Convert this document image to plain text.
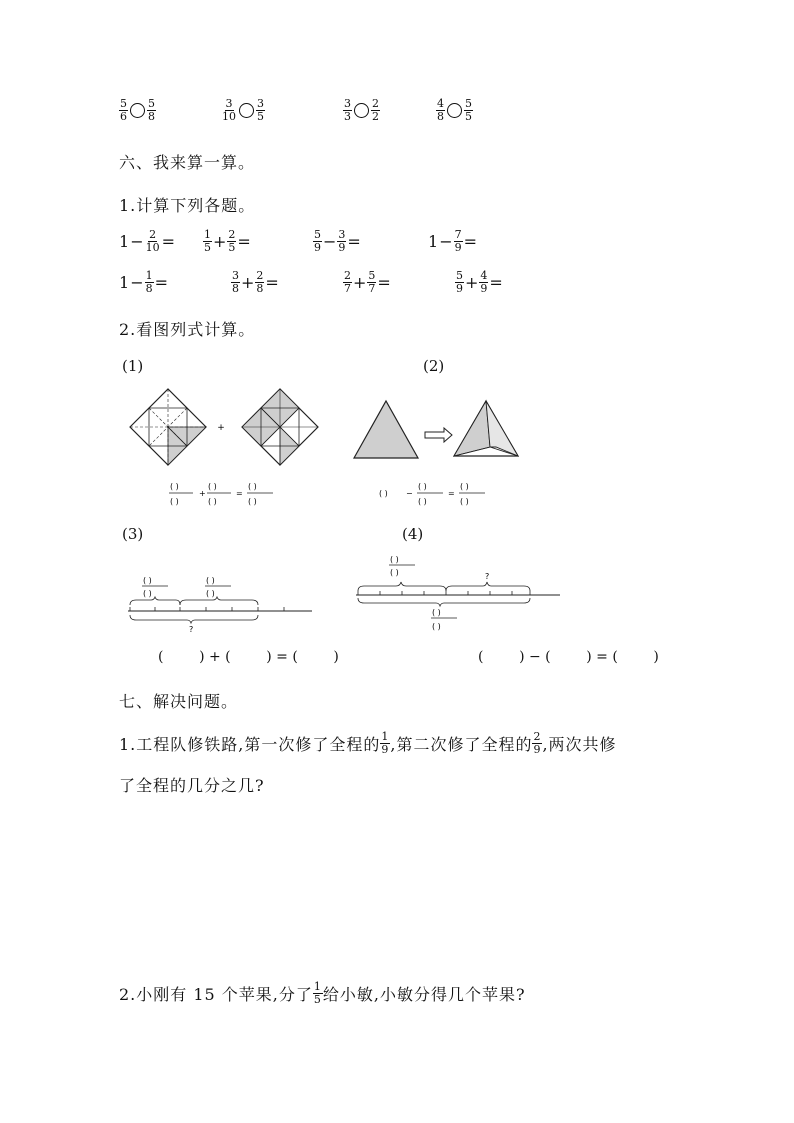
$\frac{5}{6} \frac{5}{8}$	$\frac{3}{10} \frac{3}{5}$	$\frac{3}{3} \frac{2}{2}$	$\frac{4}{8} \frac{5}{5}$
六、我来算一算。
1.计算下列各题。
$1 - \frac{2}{10}$ =	$\frac{1}{5} + \frac{2}{5}$ =	$\frac{5}{9} - \frac{3}{9}$ =	$1 - \frac{7}{9}$ =
$1 - \frac{1}{8}$ =	$\frac{3}{8} + \frac{2}{8}$ =	$\frac{2}{7} + \frac{5}{7}$ =	$\frac{5}{9} + \frac{4}{9}$ =
2.看图列式计算。
(1)	(2)
(3)	(4)
+
( )
( )
+
( )
( )
=
( )
( )
( ) −
( )
( )
=
( )
( )
( )
( )
( )
( )
?
( )
( )	?
( )
( )
(        ) + (        ) = (        )	(        ) − (        ) = (        )
七、解决问题。
1.工程队修铁路,第一次修了全程的 $\frac{1}{9}$ ,第二次修了全程的 $\frac{2}{9}$ ,两次共修
了全程的几分之几?
2.小刚有 15 个苹果,分了 $\frac{1}{5}$ 给小敏,小敏分得几个苹果?
